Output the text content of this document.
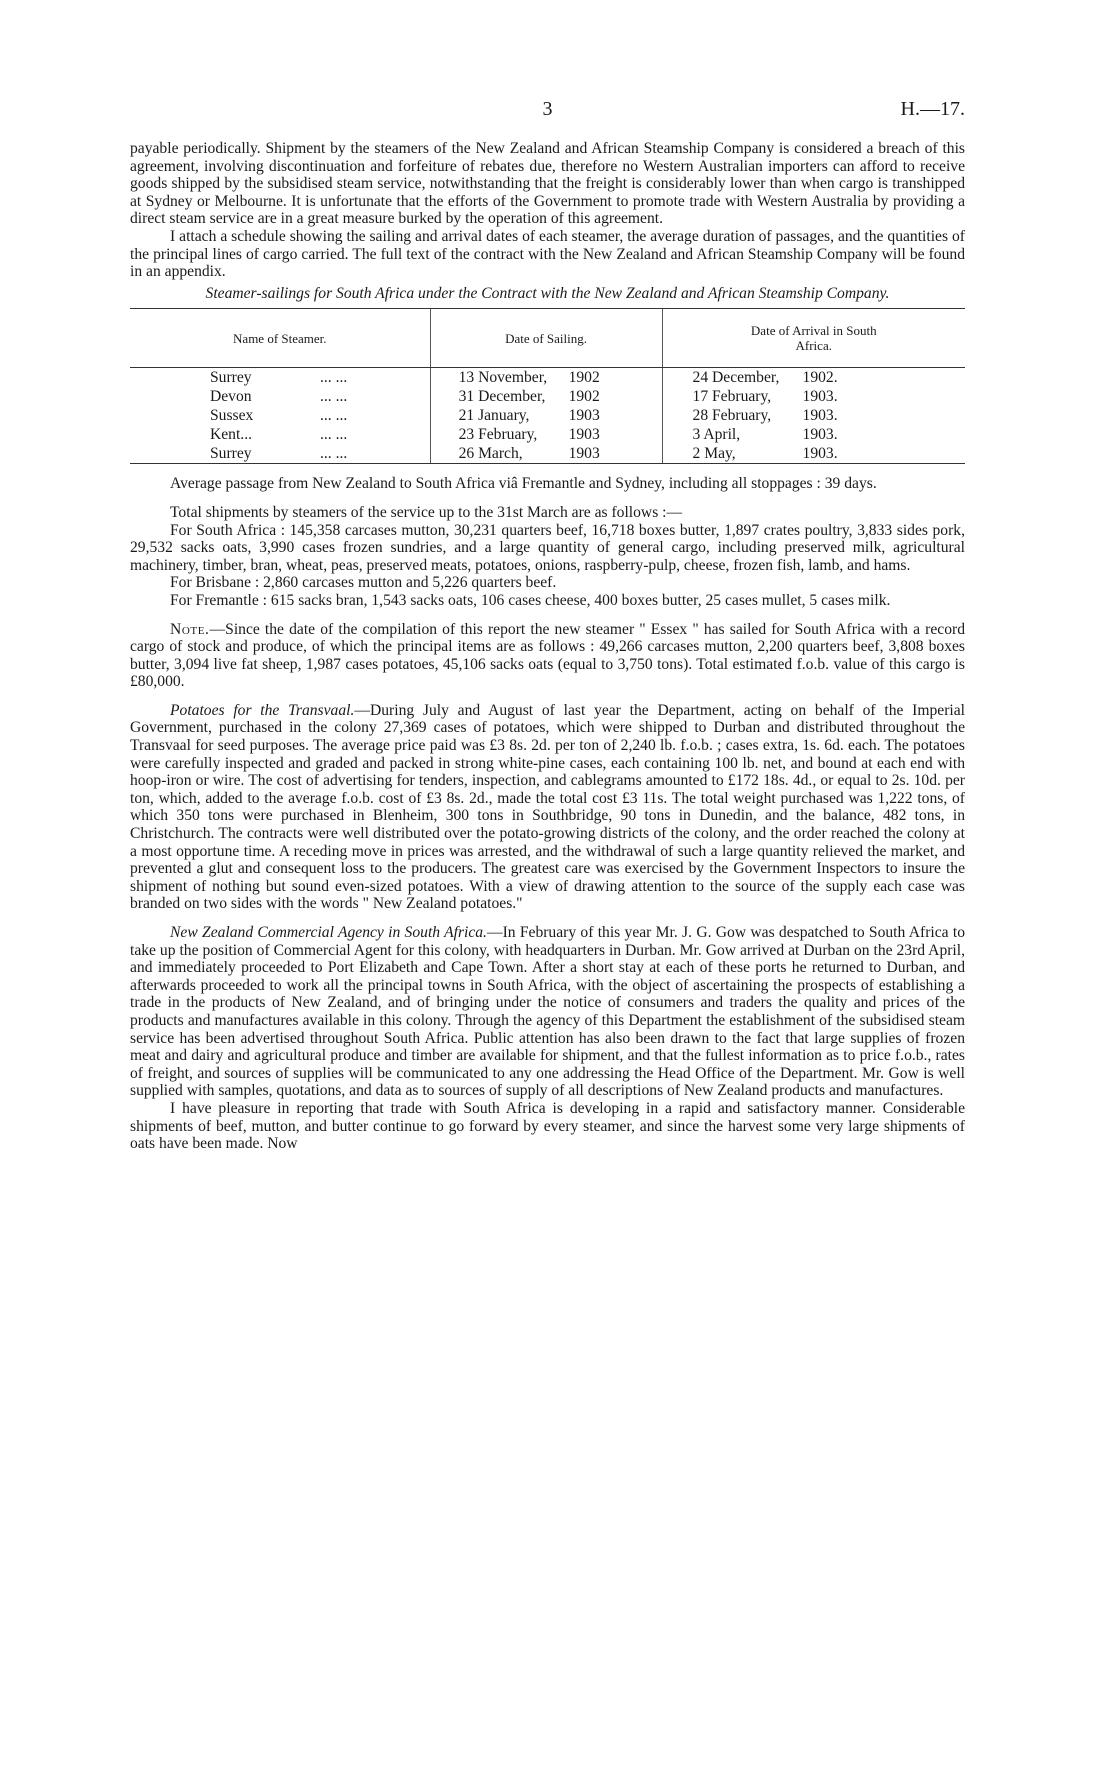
3	H.—17.

payable periodically. Shipment by the steamers of the New Zealand and African Steamship Company is considered a breach of this agreement, involving discontinuation and forfeiture of rebates due, therefore no Western Australian importers can afford to receive goods shipped by the subsidised steam service, notwithstanding that the freight is considerably lower than when cargo is transhipped at Sydney or Melbourne. It is unfortunate that the efforts of the Government to promote trade with Western Australia by providing a direct steam service are in a great measure burked by the operation of this agreement.

I attach a schedule showing the sailing and arrival dates of each steamer, the average duration of passages, and the quantities of the principal lines of cargo carried. The full text of the contract with the New Zealand and African Steamship Company will be found in an appendix.

Steamer-sailings for South Africa under the Contract with the New Zealand and African Steamship Company.

Name of Steamer.	Date of Sailing.	Date of Arrival in South Africa.
Surrey ... ...	13 November, 1902	24 December, 1902.
Devon ... ...	31 December, 1902	17 February, 1903.
Sussex ... ...	21 January, 1903	28 February, 1903.
Kent... ... ...	23 February, 1903	3 April, 1903.
Surrey ... ...	26 March, 1903	2 May, 1903.

Average passage from New Zealand to South Africa viâ Fremantle and Sydney, including all stoppages : 39 days.

Total shipments by steamers of the service up to the 31st March are as follows :—

For South Africa : 145,358 carcases mutton, 30,231 quarters beef, 16,718 boxes butter, 1,897 crates poultry, 3,833 sides pork, 29,532 sacks oats, 3,990 cases frozen sundries, and a large quantity of general cargo, including preserved milk, agricultural machinery, timber, bran, wheat, peas, preserved meats, potatoes, onions, raspberry-pulp, cheese, frozen fish, lamb, and hams.

For Brisbane : 2,860 carcases mutton and 5,226 quarters beef.

For Fremantle : 615 sacks bran, 1,543 sacks oats, 106 cases cheese, 400 boxes butter, 25 cases mullet, 5 cases milk.

Note.—Since the date of the compilation of this report the new steamer " Essex " has sailed for South Africa with a record cargo of stock and produce, of which the principal items are as follows : 49,266 carcases mutton, 2,200 quarters beef, 3,808 boxes butter, 3,094 live fat sheep, 1,987 cases potatoes, 45,106 sacks oats (equal to 3,750 tons). Total estimated f.o.b. value of this cargo is £80,000.

Potatoes for the Transvaal.—During July and August of last year the Department, acting on behalf of the Imperial Government, purchased in the colony 27,369 cases of potatoes, which were shipped to Durban and distributed throughout the Transvaal for seed purposes. The average price paid was £3 8s. 2d. per ton of 2,240 lb. f.o.b. ; cases extra, 1s. 6d. each. The potatoes were carefully inspected and graded and packed in strong white-pine cases, each containing 100 lb. net, and bound at each end with hoop-iron or wire. The cost of advertising for tenders, inspection, and cablegrams amounted to £172 18s. 4d., or equal to 2s. 10d. per ton, which, added to the average f.o.b. cost of £3 8s. 2d., made the total cost £3 11s. The total weight purchased was 1,222 tons, of which 350 tons were purchased in Blenheim, 300 tons in Southbridge, 90 tons in Dunedin, and the balance, 482 tons, in Christchurch. The contracts were well distributed over the potato-growing districts of the colony, and the order reached the colony at a most opportune time. A receding move in prices was arrested, and the withdrawal of such a large quantity relieved the market, and prevented a glut and consequent loss to the producers. The greatest care was exercised by the Government Inspectors to insure the shipment of nothing but sound even-sized potatoes. With a view of drawing attention to the source of the supply each case was branded on two sides with the words " New Zealand potatoes."

New Zealand Commercial Agency in South Africa.—In February of this year Mr. J. G. Gow was despatched to South Africa to take up the position of Commercial Agent for this colony, with headquarters in Durban. Mr. Gow arrived at Durban on the 23rd April, and immediately proceeded to Port Elizabeth and Cape Town. After a short stay at each of these ports he returned to Durban, and afterwards proceeded to work all the principal towns in South Africa, with the object of ascertaining the prospects of establishing a trade in the products of New Zealand, and of bringing under the notice of consumers and traders the quality and prices of the products and manufactures available in this colony. Through the agency of this Department the establishment of the subsidised steam service has been advertised throughout South Africa. Public attention has also been drawn to the fact that large supplies of frozen meat and dairy and agricultural produce and timber are available for shipment, and that the fullest information as to price f.o.b., rates of freight, and sources of supplies will be communicated to any one addressing the Head Office of the Department. Mr. Gow is well supplied with samples, quotations, and data as to sources of supply of all descriptions of New Zealand products and manufactures.

I have pleasure in reporting that trade with South Africa is developing in a rapid and satisfactory manner. Considerable shipments of beef, mutton, and butter continue to go forward by every steamer, and since the harvest some very large shipments of oats have been made. Now
